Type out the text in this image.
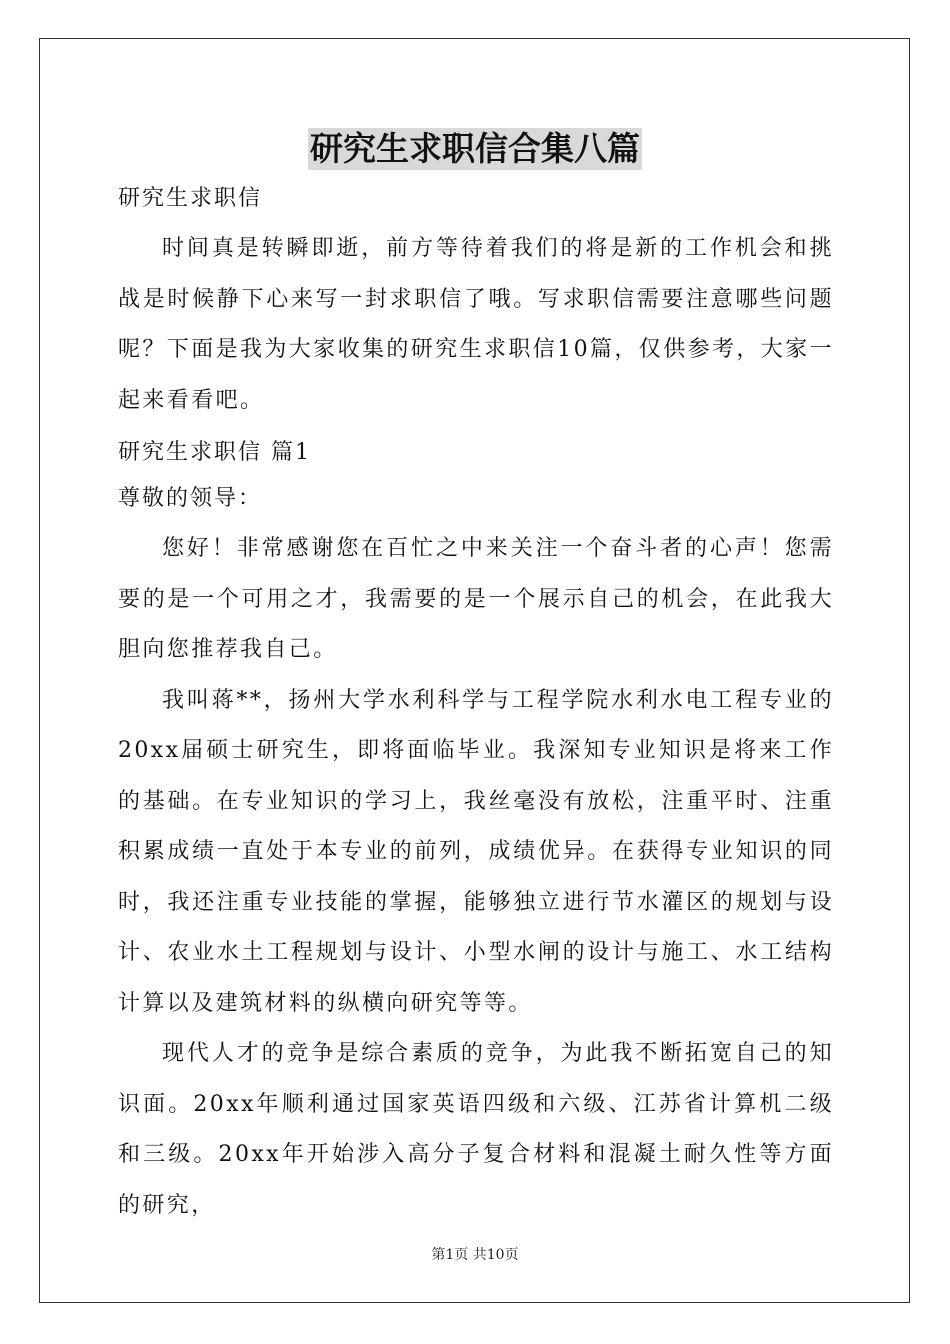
研究生求职信合集八篇

研究生求职信

时间真是转瞬即逝，前方等待着我们的将是新的工作机会和挑战是时候静下心来写一封求职信了哦。写求职信需要注意哪些问题呢？下面是我为大家收集的研究生求职信10篇，仅供参考，大家一起来看看吧。

研究生求职信 篇1

尊敬的领导：

您好！非常感谢您在百忙之中来关注一个奋斗者的心声！您需要的是一个可用之才，我需要的是一个展示自己的机会，在此我大胆向您推荐我自己。

我叫蒋**，扬州大学水利科学与工程学院水利水电工程专业的20xx届硕士研究生，即将面临毕业。我深知专业知识是将来工作的基础。在专业知识的学习上，我丝毫没有放松，注重平时、注重积累成绩一直处于本专业的前列，成绩优异。在获得专业知识的同时，我还注重专业技能的掌握，能够独立进行节水灌区的规划与设计、农业水土工程规划与设计、小型水闸的设计与施工、水工结构计算以及建筑材料的纵横向研究等等。

现代人才的竞争是综合素质的竞争，为此我不断拓宽自己的知识面。20xx年顺利通过国家英语四级和六级、江苏省计算机二级和三级。20xx年开始涉入高分子复合材料和混凝土耐久性等方面的研究，

第1页 共10页
